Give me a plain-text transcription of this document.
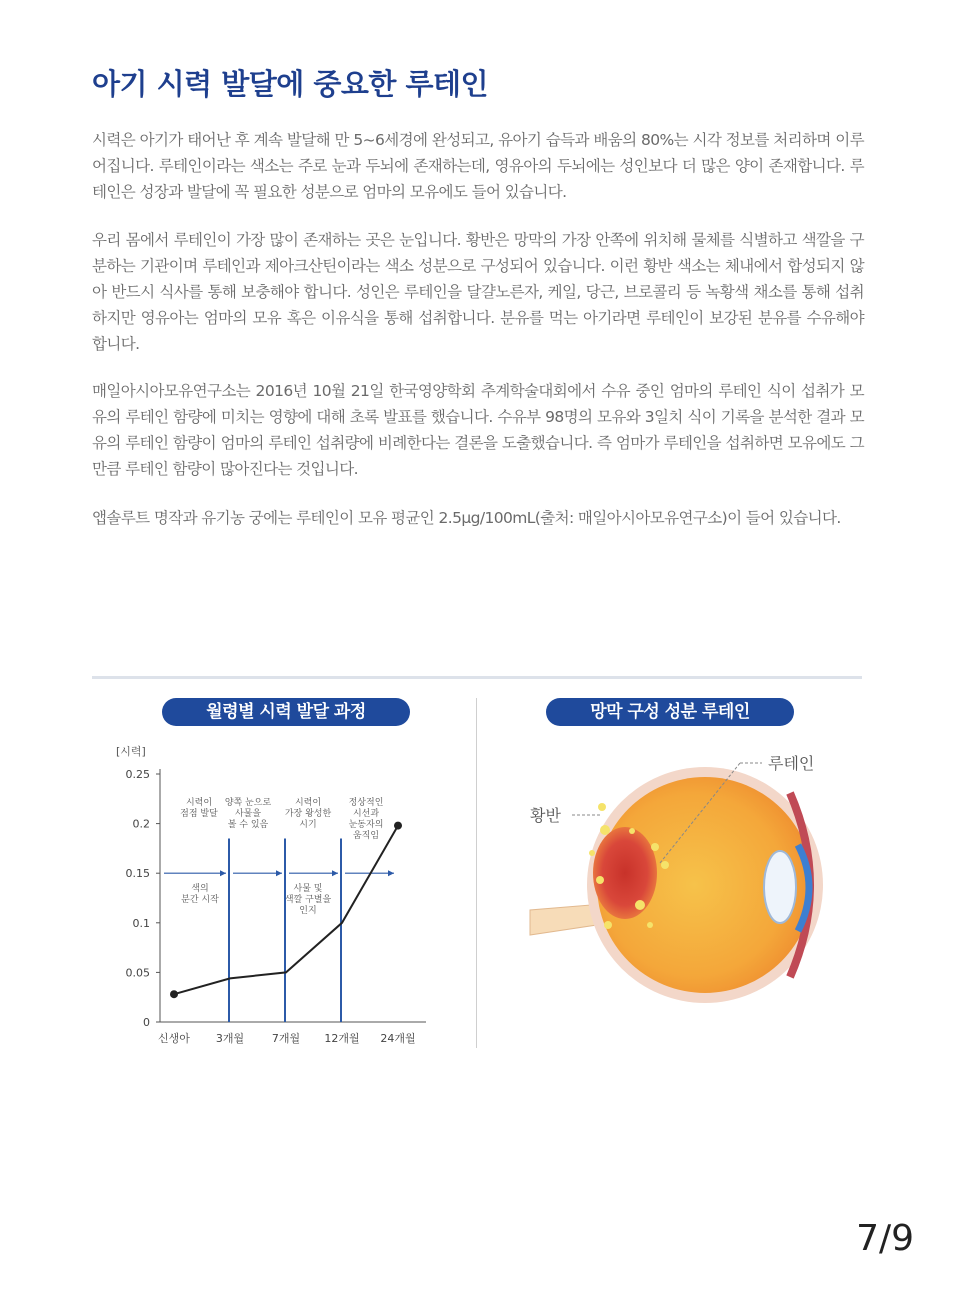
아기 시력 발달에 중요한 루테인

시력은 아기가 태어난 후 계속 발달해 만 5~6세경에 완성되고, 유아기 습득과 배움의 80%는 시각 정보를 처리하며 이루어집니다. 루테인이라는 색소는 주로 눈과 두뇌에 존재하는데, 영유아의 두뇌에는 성인보다 더 많은 양이 존재합니다. 루테인은 성장과 발달에 꼭 필요한 성분으로 엄마의 모유에도 들어 있습니다.

우리 몸에서 루테인이 가장 많이 존재하는 곳은 눈입니다. 황반은 망막의 가장 안쪽에 위치해 물체를 식별하고 색깔을 구분하는 기관이며 루테인과 제아크산틴이라는 색소 성분으로 구성되어 있습니다. 이런 황반 색소는 체내에서 합성되지 않아 반드시 식사를 통해 보충해야 합니다. 성인은 루테인을 달걀노른자, 케일, 당근, 브로콜리 등 녹황색 채소를 통해 섭취하지만 영유아는 엄마의 모유 혹은 이유식을 통해 섭취합니다. 분유를 먹는 아기라면 루테인이 보강된 분유를 수유해야 합니다.

매일아시아모유연구소는 2016년 10월 21일 한국영양학회 추계학술대회에서 수유 중인 엄마의 루테인 식이 섭취가 모유의 루테인 함량에 미치는 영향에 대해 초록 발표를 했습니다. 수유부 98명의 모유와 3일치 식이 기록을 분석한 결과 모유의 루테인 함량이 엄마의 루테인 섭취량에 비례한다는 결론을 도출했습니다. 즉 엄마가 루테인을 섭취하면 모유에도 그만큼 루테인 함량이 많아진다는 것입니다.

앱솔루트 명작과 유기농 궁에는 루테인이 모유 평균인 2.5μg/100mL(출처: 매일아시아모유연구소)이 들어 있습니다.

월령별 시력 발달 과정	망막 구성 성분 루테인
[시력]
0
0.05
0.1
0.15
0.2
0.25
신생아 3개월	7개월 12개월 24개월
시력이 점점 발달
양쪽 눈으로 사물을 볼 수 있음
시력이 가장 왕성한 시기
정상적인 시선과 눈동자의 움직임
색의 분간 시작
사물 및 색깔 구별을 인지
황반
루테인
7/9
